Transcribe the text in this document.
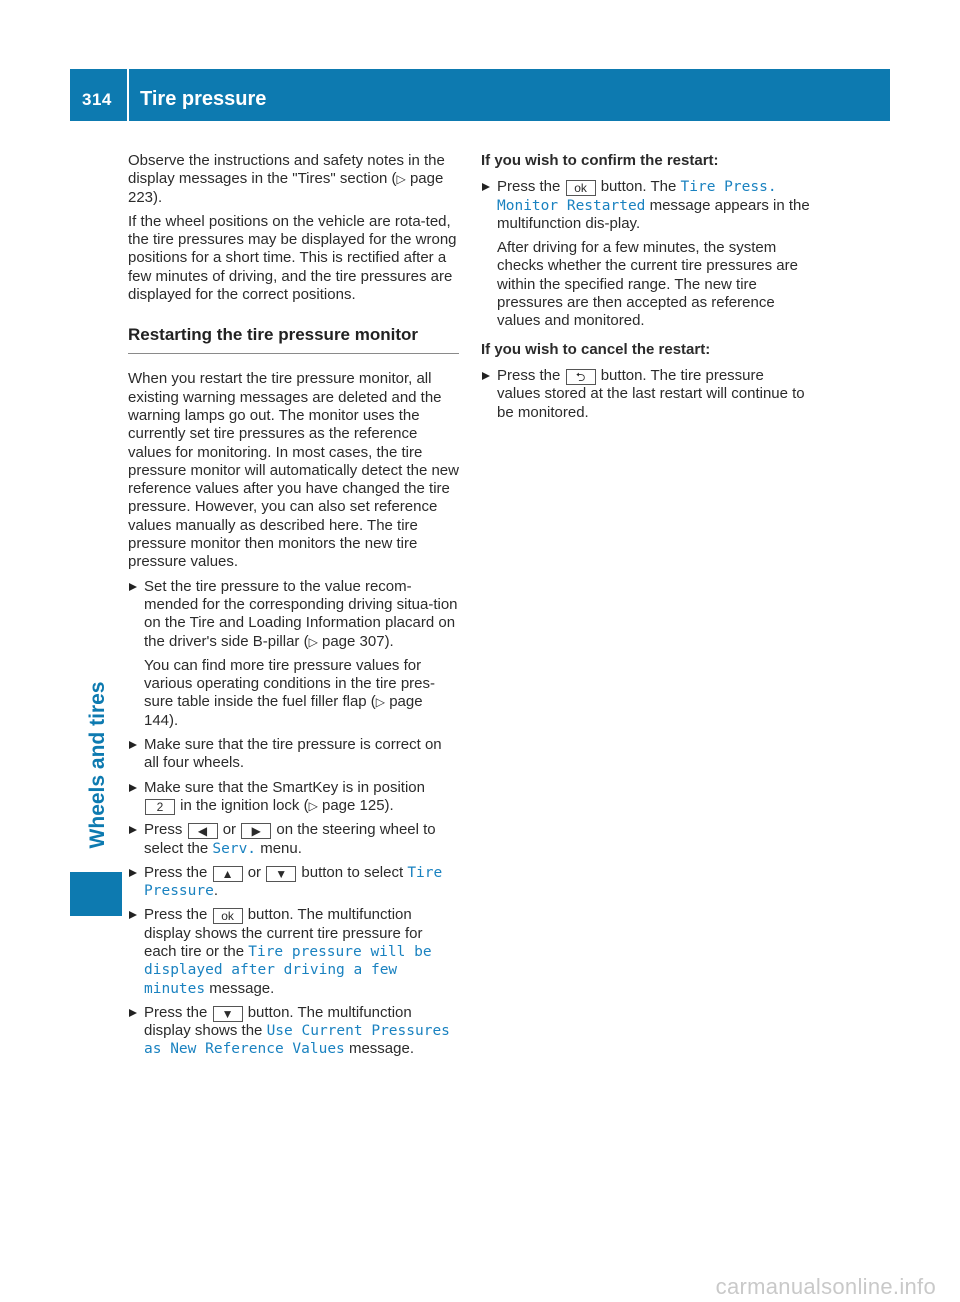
314 Tire pressure
Wheels and tires

Observe the instructions and safety notes in the display messages in the "Tires" section (▷ page 223).

If the wheel positions on the vehicle are rota-ted, the tire pressures may be displayed for the wrong positions for a short time. This is rectified after a few minutes of driving, and the tire pressures are displayed for the correct positions.

Restarting the tire pressure monitor

When you restart the tire pressure monitor, all existing warning messages are deleted and the warning lamps go out. The monitor uses the currently set tire pressures as the reference values for monitoring. In most cases, the tire pressure monitor will automatically detect the new reference values after you have changed the tire pressure. However, you can also set reference values manually as described here. The tire pressure monitor then monitors the new tire pressure values.

Set the tire pressure to the value recom-mended for the corresponding driving situa-tion on the Tire and Loading Information placard on the driver's side B-pillar (▷ page 307).

You can find more tire pressure values for various operating conditions in the tire pres-sure table inside the fuel filler flap (▷ page 144).

Make sure that the tire pressure is correct on all four wheels.

Make sure that the SmartKey is in position
2 in the ignition lock (▷ page 125).

Press ◀ or ▶ on the steering wheel to select the Serv. menu.

Press the ▲ or ▼ button to select Tire Pressure.

Press the ok button. The multifunction display shows the current tire pressure for each tire or the Tire pressure will be displayed after driving a few minutes message.

Press the ▼ button. The multifunction display shows the Use Current Pressures as New Reference Values message.

If you wish to confirm the restart:

Press the ok button. The Tire Press. Monitor Restarted message appears in the multifunction dis-play.

After driving for a few minutes, the system checks whether the current tire pressures are within the specified range. The new tire pressures are then accepted as reference values and monitored.

If you wish to cancel the restart:

Press the ⮌ button. The tire pressure values stored at the last restart will continue to be monitored.

carmanualsonline.info
